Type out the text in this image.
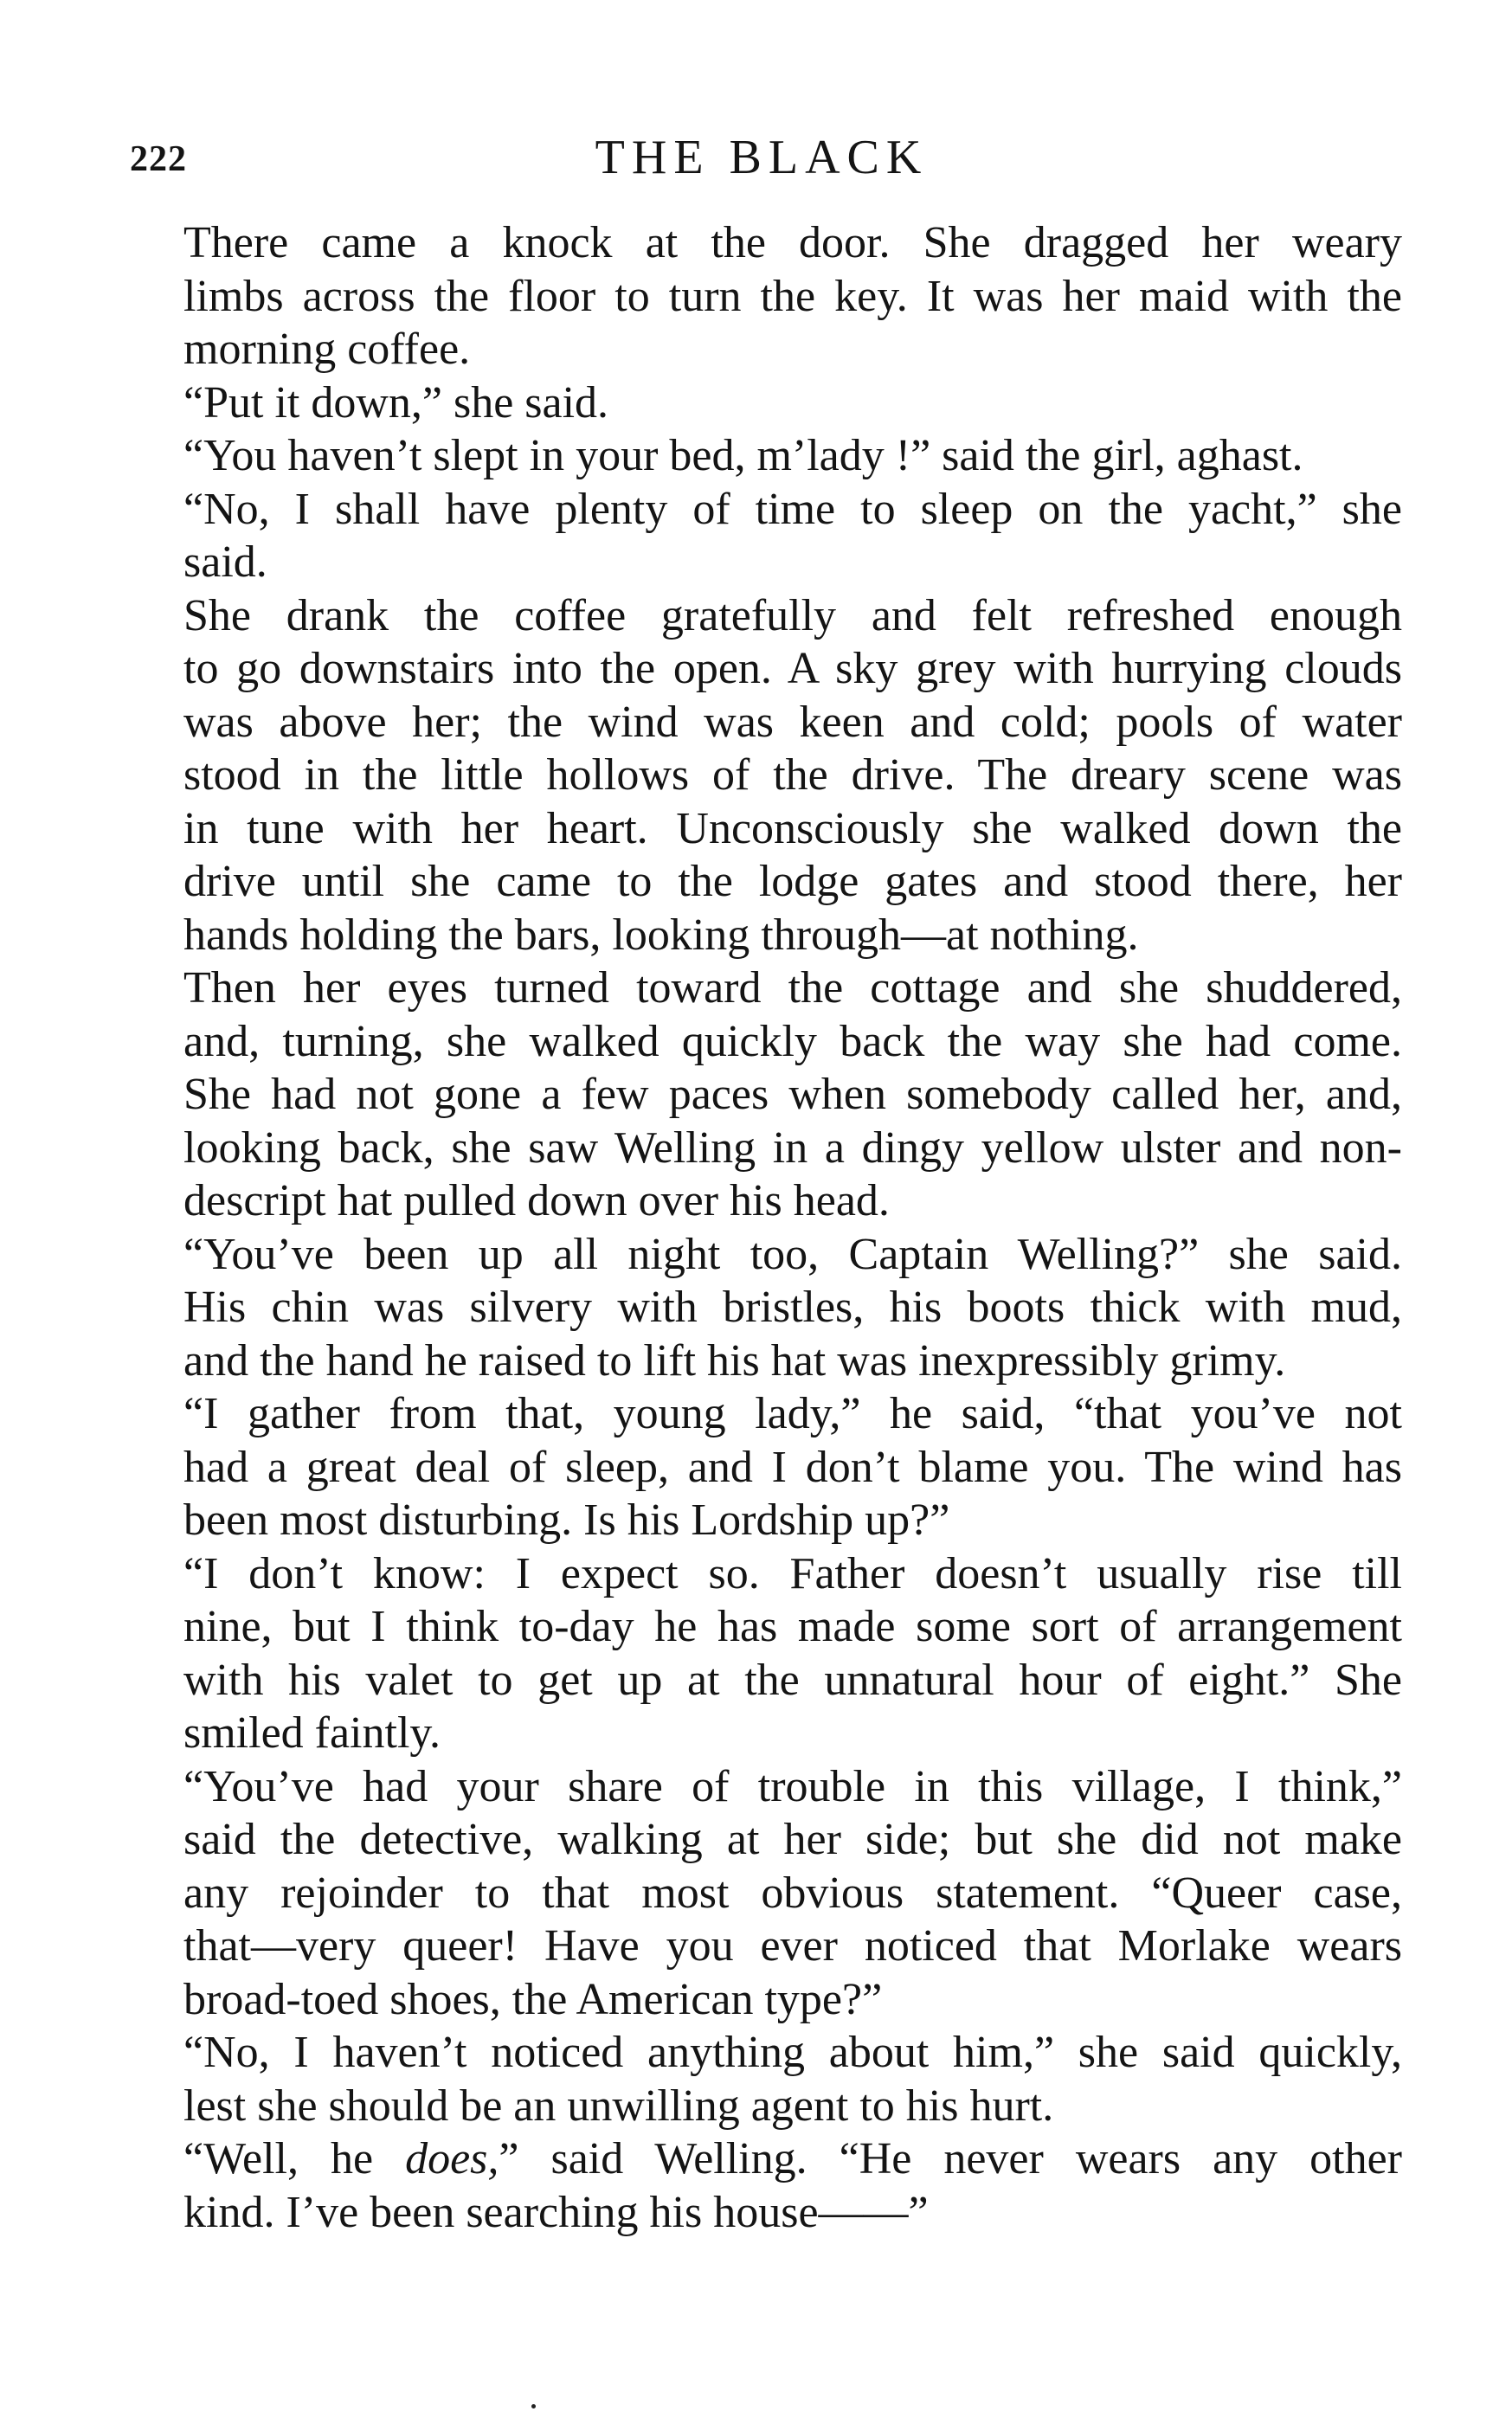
222	THE BLACK

There came a knock at the door. She dragged her weary
limbs across the floor to turn the key. It was her maid with the
morning coffee.

“Put it down,” she said.

“You haven’t slept in your bed, m’lady !” said the girl, aghast.

“No, I shall have plenty of time to sleep on the yacht,” she
said.

She drank the coffee gratefully and felt refreshed enough
to go downstairs into the open. A sky grey with hurrying clouds
was above her; the wind was keen and cold; pools of water
stood in the little hollows of the drive. The dreary scene was
in tune with her heart. Unconsciously she walked down the
drive until she came to the lodge gates and stood there, her
hands holding the bars, looking through—at nothing.

Then her eyes turned toward the cottage and she shuddered,
and, turning, she walked quickly back the way she had come.
She had not gone a few paces when somebody called her, and,
looking back, she saw Welling in a dingy yellow ulster and non-
descript hat pulled down over his head.

“You’ve been up all night too, Captain Welling?” she said.
His chin was silvery with bristles, his boots thick with mud,
and the hand he raised to lift his hat was inexpressibly grimy.

“I gather from that, young lady,” he said, “that you’ve not
had a great deal of sleep, and I don’t blame you. The wind has
been most disturbing. Is his Lordship up?”

“I don’t know: I expect so. Father doesn’t usually rise till
nine, but I think to-day he has made some sort of arrangement
with his valet to get up at the unnatural hour of eight.” She
smiled faintly.

“You’ve had your share of trouble in this village, I think,”
said the detective, walking at her side; but she did not make
any rejoinder to that most obvious statement. “Queer case,
that—very queer! Have you ever noticed that Morlake wears
broad-toed shoes, the American type?”

“No, I haven’t noticed anything about him,” she said quickly,
lest she should be an unwilling agent to his hurt.

“Well, he does,” said Welling. “He never wears any other
kind. I’ve been searching his house——”
